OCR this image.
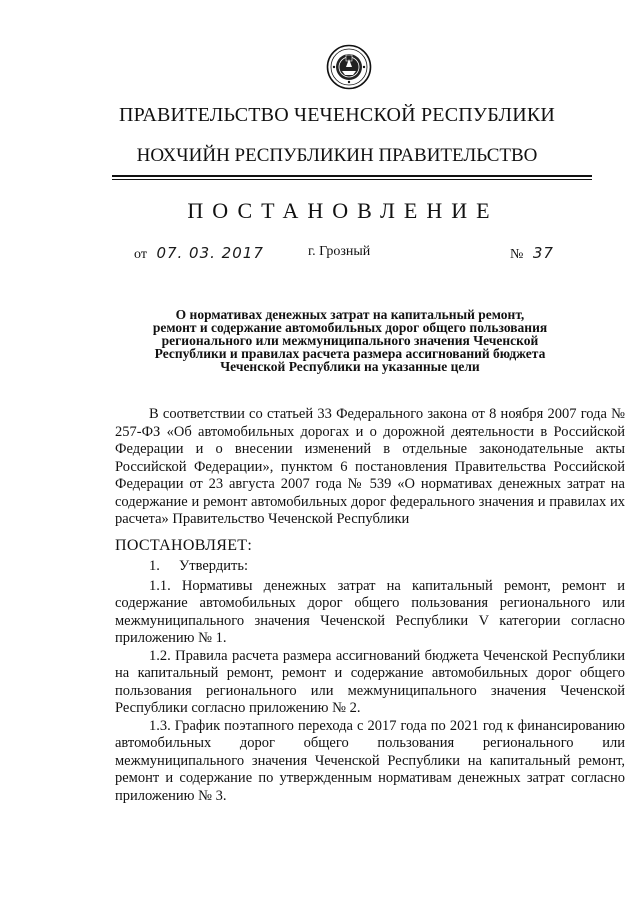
ПРАВИТЕЛЬСТВО ЧЕЧЕНСКОЙ РЕСПУБЛИКИ
НОХЧИЙН РЕСПУБЛИКИН ПРАВИТЕЛЬСТВО
ПОСТАНОВЛЕНИЕ
от 07. 03. 2017	г. Грозный	№ 37
О нормативах денежных затрат на капитальный ремонт,
ремонт и содержание автомобильных дорог общего пользования
регионального или межмуниципального значения Чеченской
Республики и правилах расчета размера ассигнований бюджета
Чеченской Республики на указанные цели

В соответствии со статьей 33 Федерального закона от 8 ноября 2007 года № 257-ФЗ «Об автомобильных дорогах и о дорожной деятельности в Российской Федерации и о внесении изменений в отдельные законодательные акты Российской Федерации», пунктом 6 постановления Правительства Российской Федерации от 23 августа 2007 года № 539 «О нормативах денежных затрат на содержание и ремонт автомобильных дорог федерального значения и правилах их расчета» Правительство Чеченской Республики

ПОСТАНОВЛЯЕТ:
1. Утвердить:

1.1. Нормативы денежных затрат на капитальный ремонт, ремонт и содержание автомобильных дорог общего пользования регионального или межмуниципального значения Чеченской Республики V категории согласно приложению № 1.

1.2. Правила расчета размера ассигнований бюджета Чеченской Республики на капитальный ремонт, ремонт и содержание автомобильных дорог общего пользования регионального или межмуниципального значения Чеченской Республики согласно приложению № 2.

1.3. График поэтапного перехода с 2017 года по 2021 год к финансированию автомобильных дорог общего пользования регионального или межмуниципального значения Чеченской Республики на капитальный ремонт, ремонт и содержание по утвержденным нормативам денежных затрат согласно приложению № 3.
